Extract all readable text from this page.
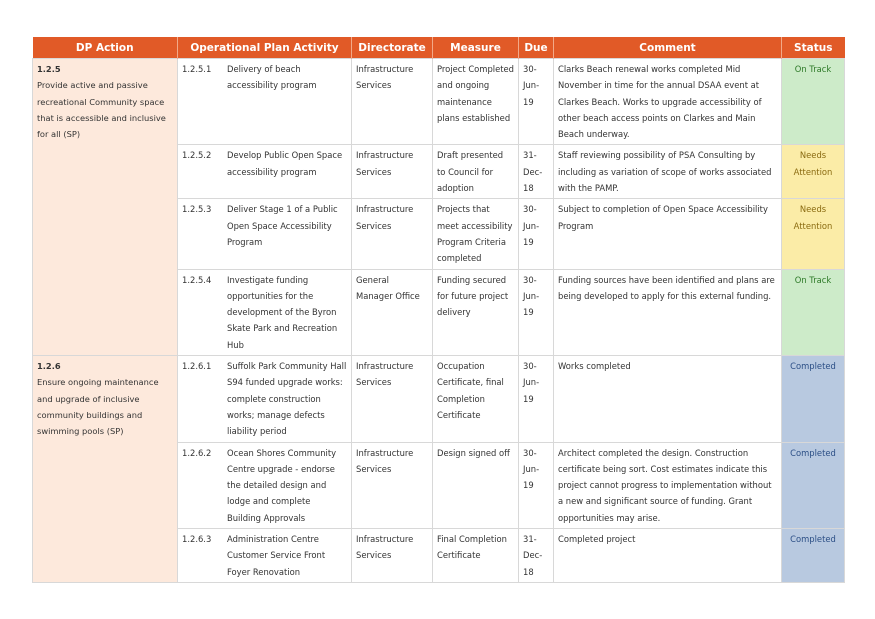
DP Action	Operational Plan Activity	Directorate	Measure	Due	Comment	Status

1.2.5
Provide active and passive recreational Community space that is accessible and inclusive for all (SP)	1.2.5.1 Delivery of beach accessibility program	Infrastructure Services	Project Completed and ongoing maintenance plans established	30-Jun-19	Clarks Beach renewal works completed Mid November in time for the annual DSAA event at Clarkes Beach. Works to upgrade accessibility of other beach access points on Clarkes and Main Beach underway.	On Track

	1.2.5.2 Develop Public Open Space accessibility program	Infrastructure Services	Draft presented to Council for adoption	31-Dec-18	Staff reviewing possibility of PSA Consulting by including as variation of scope of works associated with the PAMP.	Needs Attention

	1.2.5.3 Deliver Stage 1 of a Public Open Space Accessibility Program	Infrastructure Services	Projects that meet accessibility Program Criteria completed	30-Jun-19	Subject to completion of Open Space Accessibility Program	Needs Attention

	1.2.5.4 Investigate funding opportunities for the development of the Byron Skate Park and Recreation Hub	General Manager Office	Funding secured for future project delivery	30-Jun-19	Funding sources have been identified and plans are being developed to apply for this external funding.	On Track

1.2.6
Ensure ongoing maintenance and upgrade of inclusive community buildings and swimming pools (SP)	1.2.6.1 Suffolk Park Community Hall S94 funded upgrade works: complete construction works; manage defects liability period	Infrastructure Services	Occupation Certificate, final Completion Certificate	30-Jun-19	Works completed	Completed

	1.2.6.2 Ocean Shores Community Centre upgrade - endorse the detailed design and lodge and complete Building Approvals	Infrastructure Services	Design signed off	30-Jun-19	Architect completed the design. Construction certificate being sort. Cost estimates indicate this project cannot progress to implementation without a new and significant source of funding. Grant opportunities may arise.	Completed

	1.2.6.3 Administration Centre Customer Service Front Foyer Renovation	Infrastructure Services	Final Completion Certificate	31-Dec-18	Completed project	Completed
